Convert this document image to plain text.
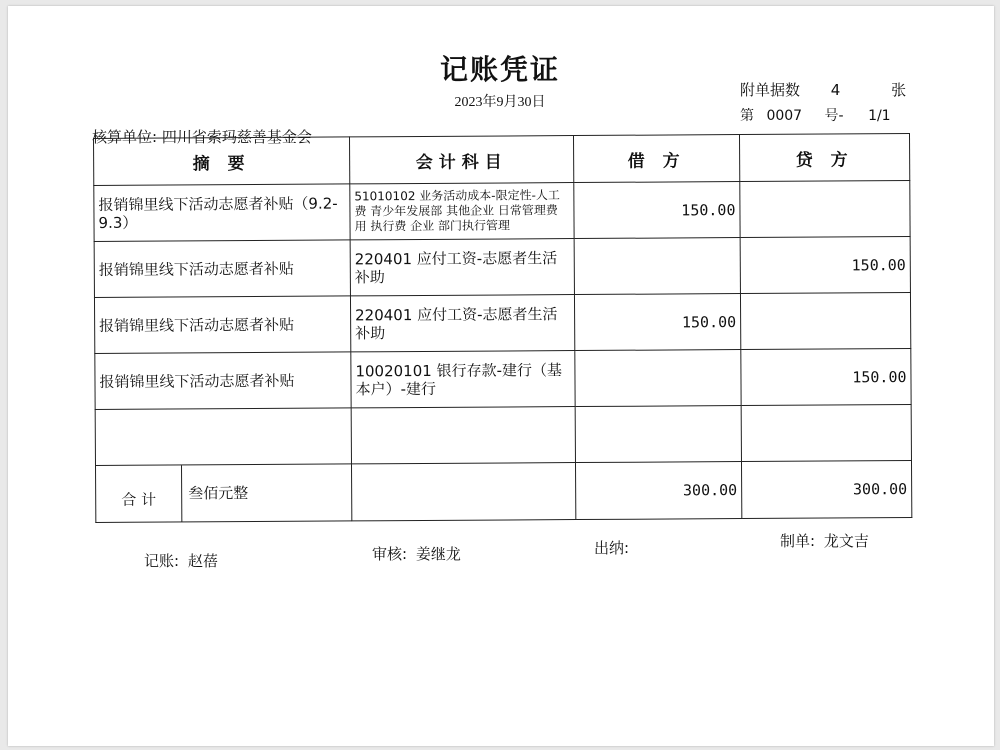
记账凭证
2023年9月30日
附单据数 4	张
第 0007 号- 1/1
核算单位: 四川省索玛慈善基金会
摘 要	会计科目	借 方	贷 方
报销锦里线下活动志愿者补贴（9.2-9.3）	51010102 业务活动成本-限定性-人工费 青少年发展部 其他企业 日常管理费用 执行费 企业 部门执行管理	150.00	
报销锦里线下活动志愿者补贴	220401 应付工资-志愿者生活补助		150.00
报销锦里线下活动志愿者补贴	220401 应付工资-志愿者生活补助	150.00	
报销锦里线下活动志愿者补贴	10020101 银行存款-建行（基本户）-建行		150.00

合 计 叁佰元整		300.00	300.00
记账: 赵蓓	审核: 姜继龙	出纳:	制单: 龙文吉
